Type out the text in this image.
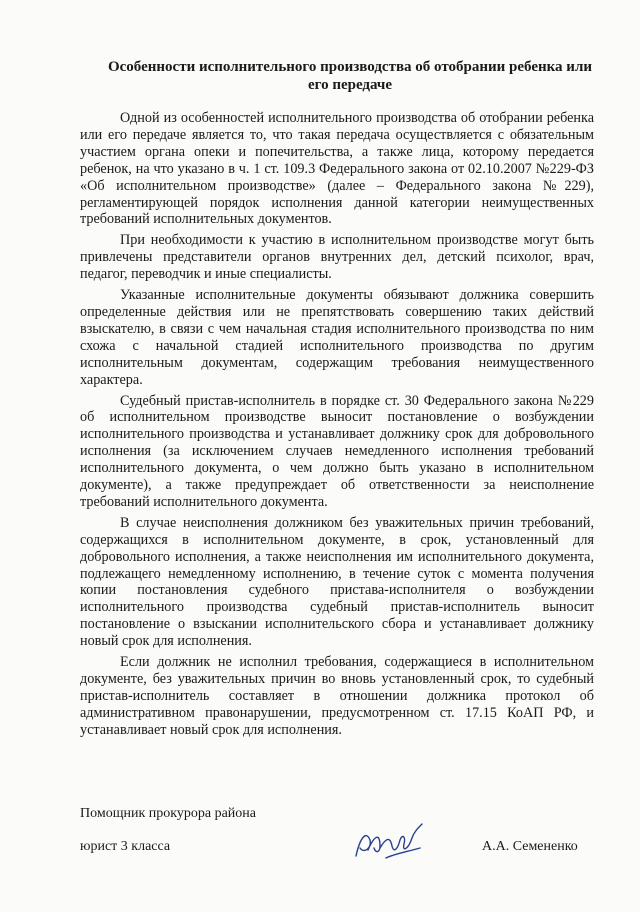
Особенности исполнительного производства об отобрании ребенка или его передаче

Одной из особенностей исполнительного производства об отобрании ребенка или его передаче является то, что такая передача осуществляется с обязательным участием органа опеки и попечительства, а также лица, которому передается ребенок, на что указано в ч. 1 ст. 109.3 Федерального закона от 02.10.2007 №229-ФЗ «Об исполнительном производстве» (далее – Федерального закона №229), регламентирующей порядок исполнения данной категории неимущественных требований исполнительных документов.

При необходимости к участию в исполнительном производстве могут быть привлечены представители органов внутренних дел, детский психолог, врач, педагог, переводчик и иные специалисты.

Указанные исполнительные документы обязывают должника совершить определенные действия или не препятствовать совершению таких действий взыскателю, в связи с чем начальная стадия исполнительного производства по ним схожа с начальной стадией исполнительного производства по другим исполнительным документам, содержащим требования неимущественного характера.

Судебный пристав-исполнитель в порядке ст. 30 Федерального закона №229 об исполнительном производстве выносит постановление о возбуждении исполнительного производства и устанавливает должнику срок для добровольного исполнения (за исключением случаев немедленного исполнения требований исполнительного документа, о чем должно быть указано в исполнительном документе), а также предупреждает об ответственности за неисполнение требований исполнительного документа.

В случае неисполнения должником без уважительных причин требований, содержащихся в исполнительном документе, в срок, установленный для добровольного исполнения, а также неисполнения им исполнительного документа, подлежащего немедленному исполнению, в течение суток с момента получения копии постановления судебного пристава-исполнителя о возбуждении исполнительного производства судебный пристав-исполнитель выносит постановление о взыскании исполнительского сбора и устанавливает должнику новый срок для исполнения.

Если должник не исполнил требования, содержащиеся в исполнительном документе, без уважительных причин во вновь установленный срок, то судебный пристав-исполнитель составляет в отношении должника протокол об административном правонарушении, предусмотренном ст. 17.15 КоАП РФ, и устанавливает новый срок для исполнения.

Помощник прокурора района
юрист 3 класса	А.А. Семененко
